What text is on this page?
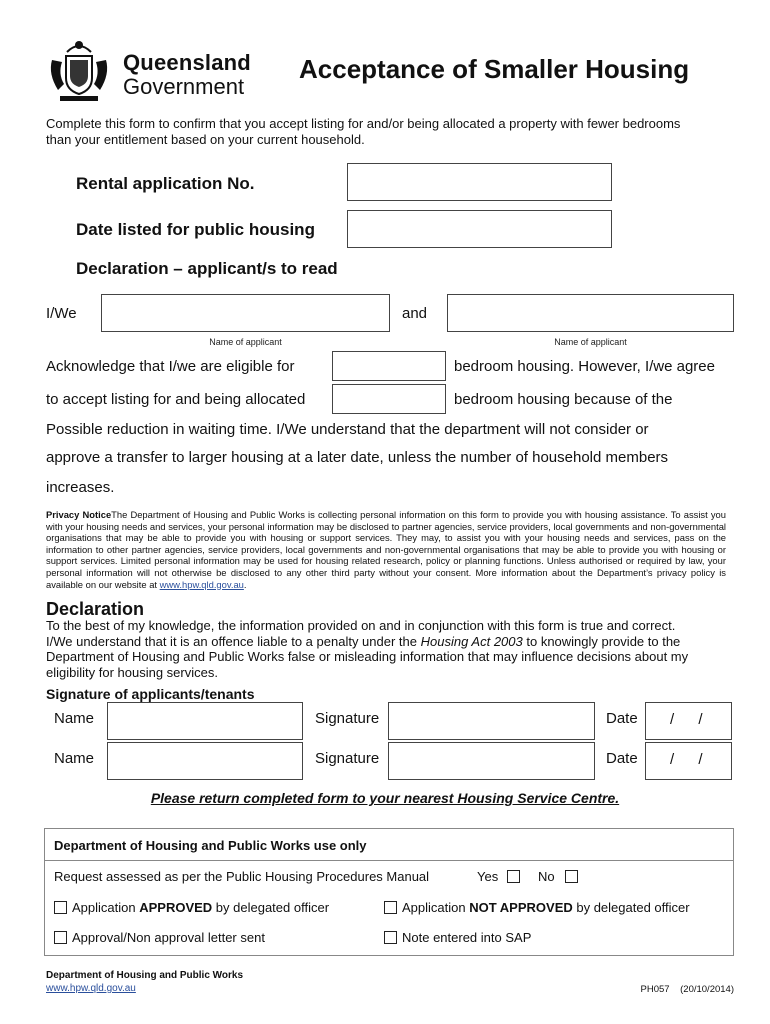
Queensland
Government
Acceptance of Smaller Housing
Complete this form to confirm that you accept listing for and/or being allocated a property with fewer bedrooms than your entitlement based on your current household.
Rental application No.
Date listed for public housing
Declaration – applicant/s to read
I/We
Name of applicant
and
Name of applicant
Acknowledge that I/we are eligible for	bedroom housing. However, I/we agree
to accept listing for and being allocated	bedroom housing because of the
Possible reduction in waiting time. I/We understand that the department will not consider or
approve a transfer to larger housing at a later date, unless the number of household members
increases.
Privacy NoticeThe Department of Housing and Public Works is collecting personal information on this form to provide you with housing assistance. To assist you with your housing needs and services, your personal information may be disclosed to partner agencies, service providers, local governments and non-governmental organisations that may be able to provide you with housing or support services. They may, to assist you with your housing needs and services, pass on the information to other partner agencies, service providers, local governments and non-governmental organisations that may be able to provide you with housing or support services. Limited personal information may be used for housing related research, policy or planning functions. Unless authorised or required by law, your personal information will not otherwise be disclosed to any other third party without your consent. More information about the Department’s privacy policy is available on our website at www.hpw.qld.gov.au.
Declaration
To the best of my knowledge, the information provided on and in conjunction with this form is true and correct.
I/We understand that it is an offence liable to a penalty under the Housing Act 2003 to knowingly provide to the Department of Housing and Public Works false or misleading information that may influence decisions about my eligibility for housing services.
Signature of applicants/tenants
Name	Signature	Date / /
Name	Signature	Date / /
Please return completed form to your nearest Housing Service Centre.
Department of Housing and Public Works use only
Request assessed as per the Public Housing Procedures Manual	Yes	No
Application APPROVED by delegated officer	Application NOT APPROVED by delegated officer
Approval/Non approval letter sent	Note entered into SAP
Department of Housing and Public Works
www.hpw.qld.gov.au	PH057    (20/10/2014)
